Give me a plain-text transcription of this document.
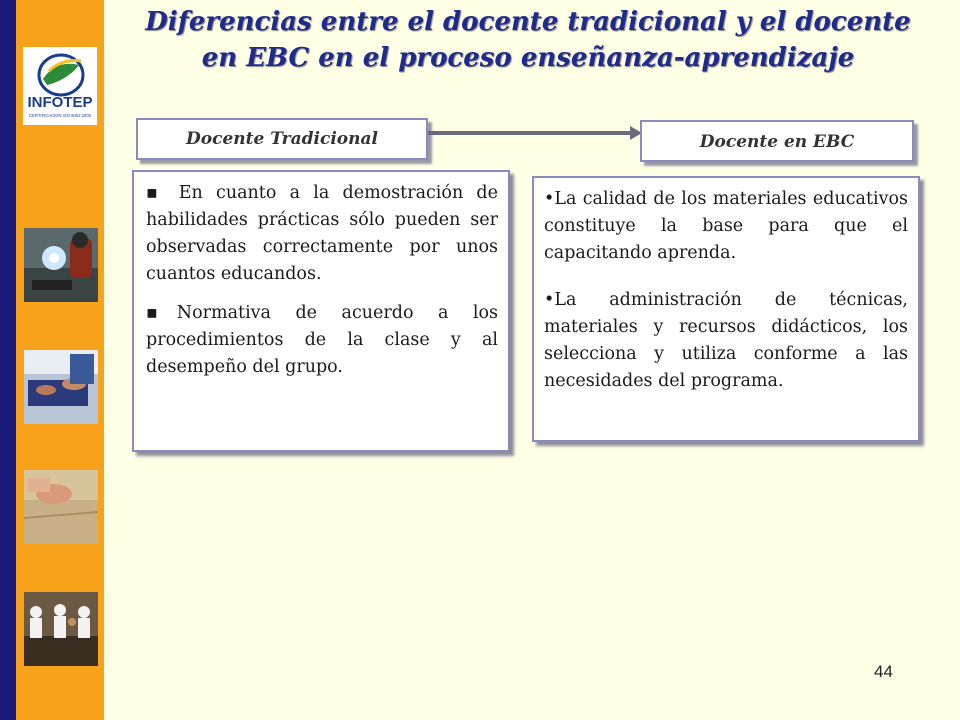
INFOTEP
CERTIFICACION ISO 9001:2000
Diferencias entre el docente tradicional y el docente
en EBC en el proceso enseñanza-aprendizaje
Docente Tradicional	Docente en EBC

▪ En cuanto a la demostración de habilidades prácticas sólo pueden ser observadas correctamente por unos cuantos educandos.

▪Normativa de acuerdo a los procedimientos de la clase y al desempeño del grupo.

•La calidad de los materiales educativos constituye la base para que el capacitando aprenda.

•La administración de técnicas, materiales y recursos didácticos, los selecciona y utiliza conforme a las necesidades del programa.

44
